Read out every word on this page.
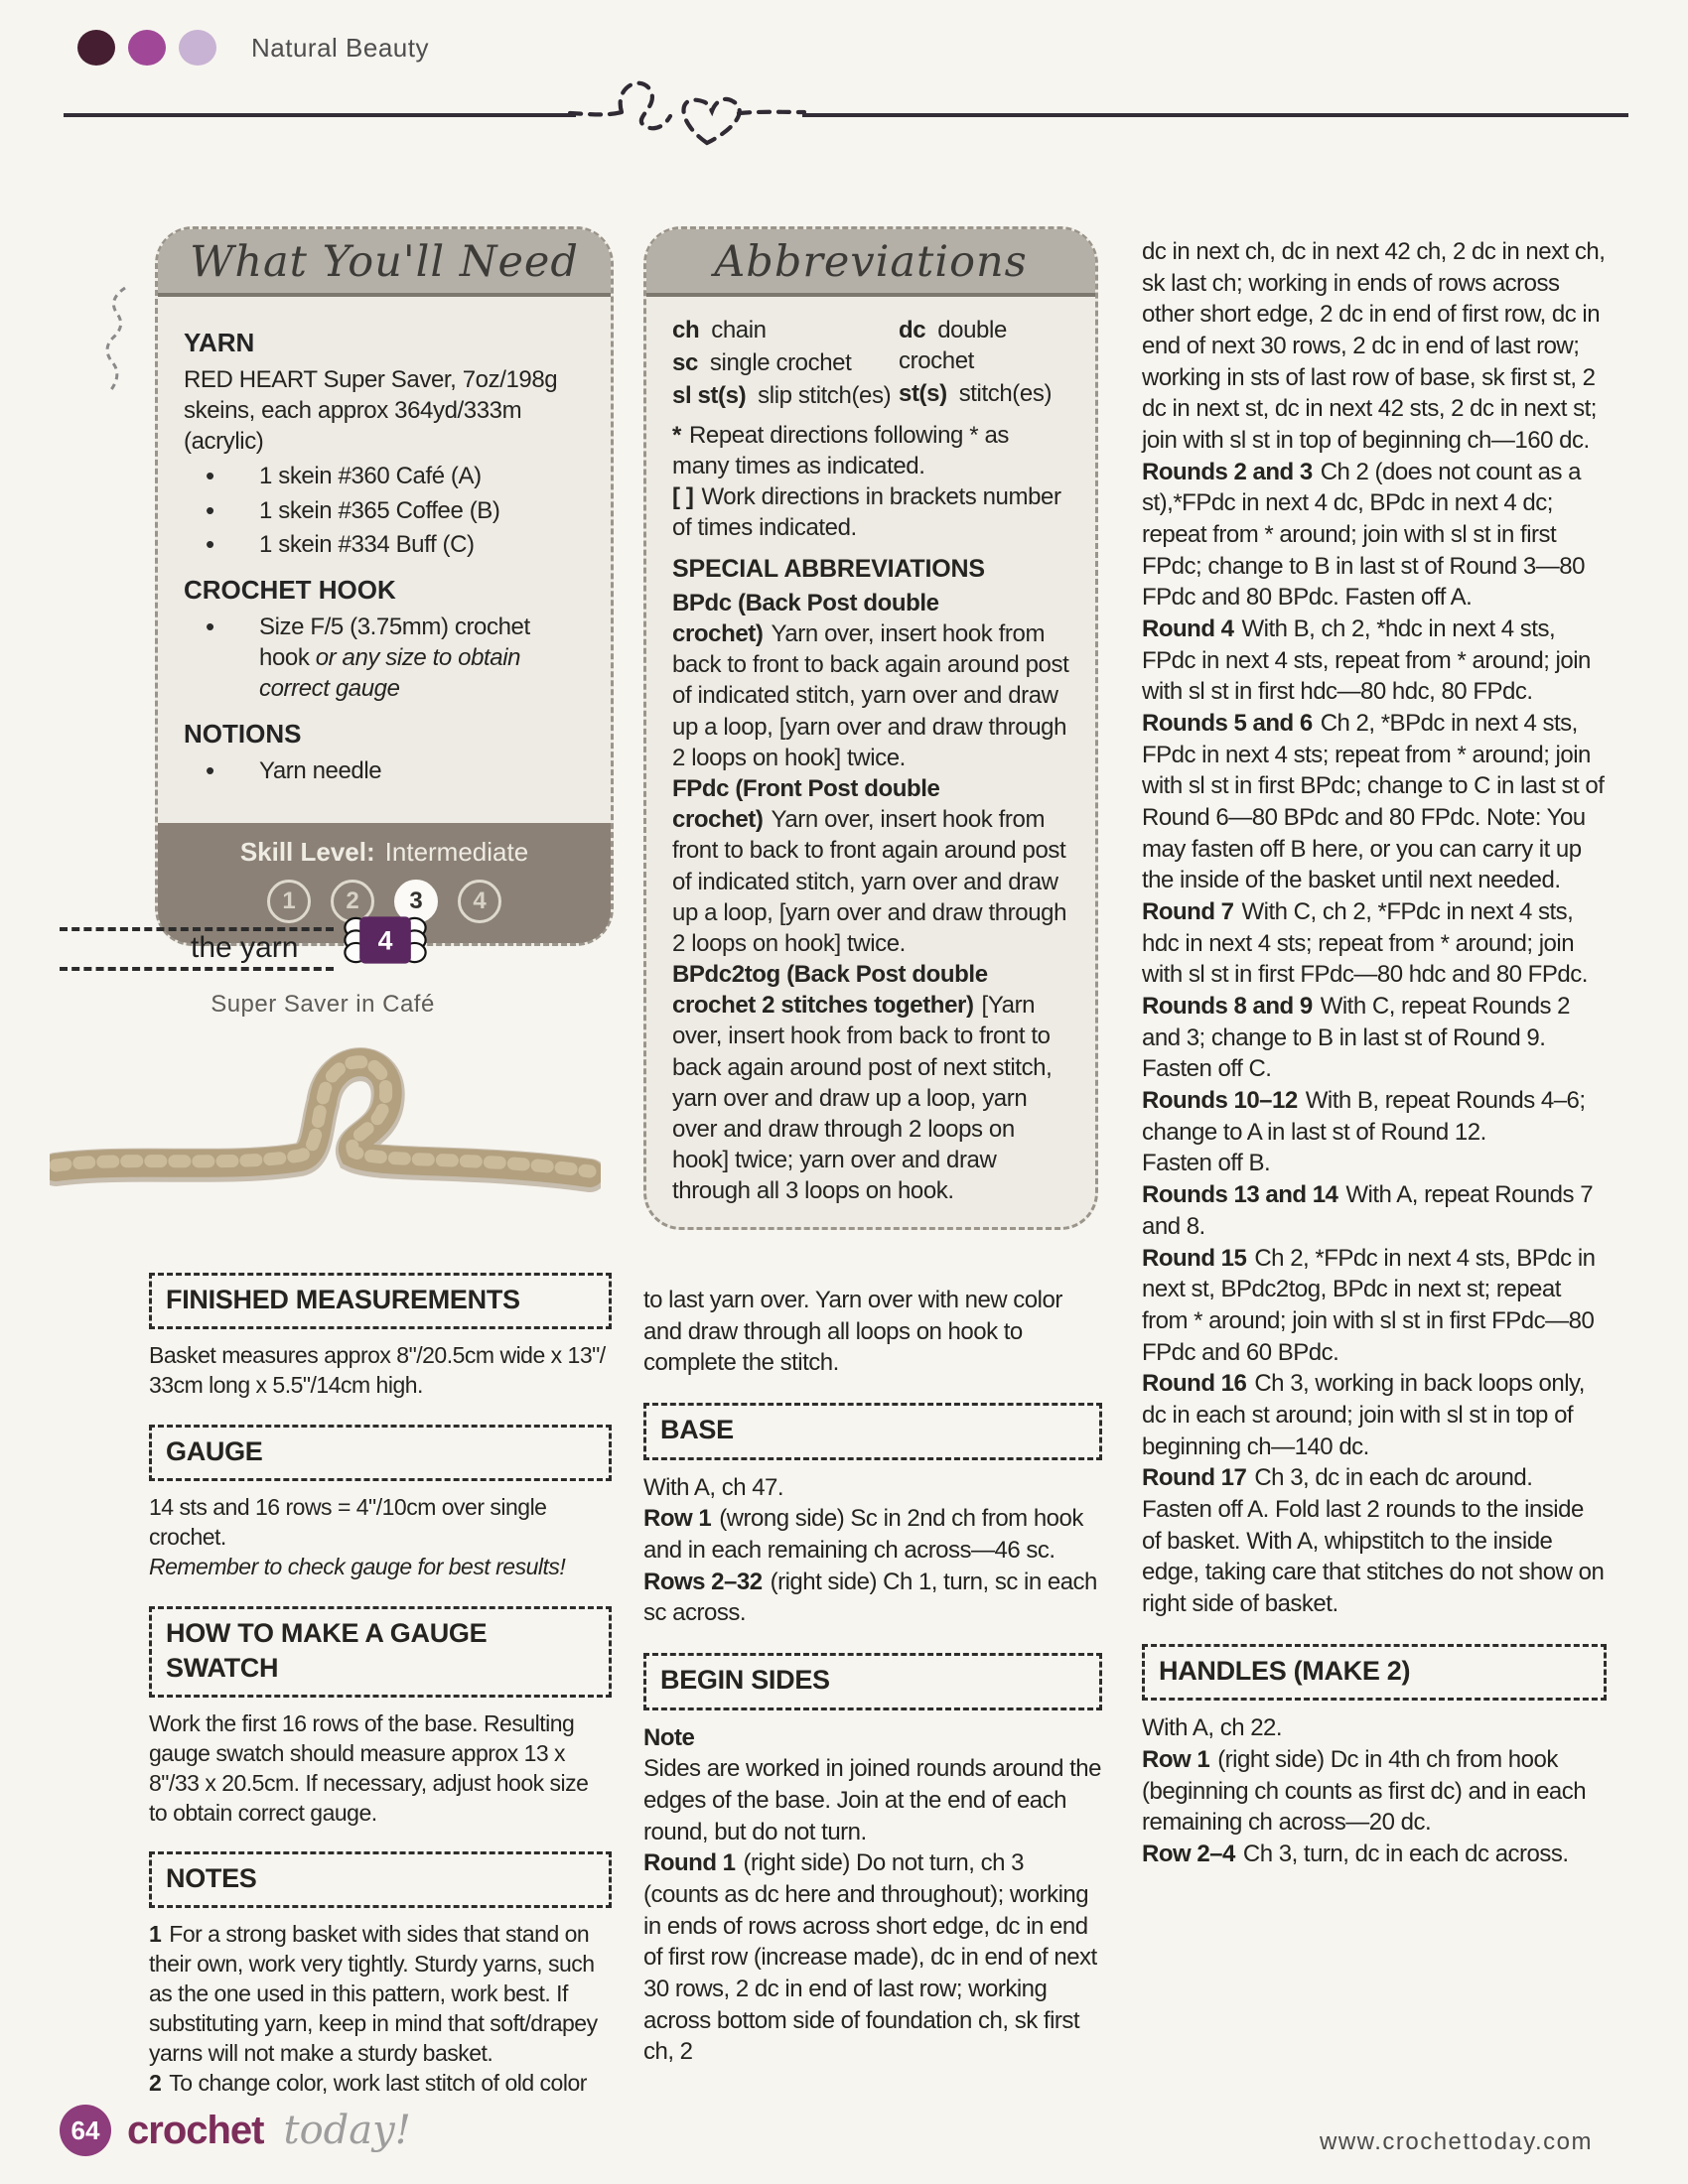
Natural Beauty
What You'll Need
YARN

RED HEART Super Saver, 7oz/198g skeins, each approx 364yd/333m (acrylic)

• 1 skein #360 Café (A)
• 1 skein #365 Coffee (B)
• 1 skein #334 Buff (C)
CROCHET HOOK
• Size F/5 (3.75mm) crochet hook or any size to obtain correct gauge
NOTIONS
• Yarn needle
Skill Level: Intermediate
1 2 3 4
the yarn 4
Super Saver in Café
Abbreviations
ch chain
sc single crochet
sl st(s) slip stitch(es)
dc double crochet
st(s) stitch(es)

* Repeat directions following * as many times as indicated.

[ ] Work directions in brackets number of times indicated.

SPECIAL ABBREVIATIONS

BPdc (Back Post double crochet) Yarn over, insert hook from back to front to back again around post of indicated stitch, yarn over and draw up a loop, [yarn over and draw through 2 loops on hook] twice.

FPdc (Front Post double crochet) Yarn over, insert hook from front to back to front again around post of indicated stitch, yarn over and draw up a loop, [yarn over and draw through 2 loops on hook] twice.

BPdc2tog (Back Post double crochet 2 stitches together) [Yarn over, insert hook from back to front to back again around post of next stitch, yarn over and draw up a loop, yarn over and draw through 2 loops on hook] twice; yarn over and draw through all 3 loops on hook.

FINISHED MEASUREMENTS

Basket measures approx 8"/20.5cm wide x 13"/ 33cm long x 5.5"/14cm high.

GAUGE

14 sts and 16 rows = 4"/10cm over single crochet.

Remember to check gauge for best results!

HOW TO MAKE A GAUGE SWATCH

Work the first 16 rows of the base. Resulting gauge swatch should measure approx 13 x 8"/33 x 20.5cm. If necessary, adjust hook size to obtain correct gauge.

NOTES

1 For a strong basket with sides that stand on their own, work very tightly. Sturdy yarns, such as the one used in this pattern, work best. If substituting yarn, keep in mind that soft/drapey yarns will not make a sturdy basket.

2 To change color, work last stitch of old color

to last yarn over. Yarn over with new color and draw through all loops on hook to complete the stitch.

BASE

With A, ch 47.

Row 1 (wrong side) Sc in 2nd ch from hook and in each remaining ch across—46 sc.

Rows 2–32 (right side) Ch 1, turn, sc in each sc across.

BEGIN SIDES

Note

Sides are worked in joined rounds around the edges of the base. Join at the end of each round, but do not turn.

Round 1 (right side) Do not turn, ch 3 (counts as dc here and throughout); working in ends of rows across short edge, dc in end of first row (increase made), dc in end of next 30 rows, 2 dc in end of last row; working across bottom side of foundation ch, sk first ch, 2

dc in next ch, dc in next 42 ch, 2 dc in next ch, sk last ch; working in ends of rows across other short edge, 2 dc in end of first row, dc in end of next 30 rows, 2 dc in end of last row; working in sts of last row of base, sk first st, 2 dc in next st, dc in next 42 sts, 2 dc in next st; join with sl st in top of beginning ch—160 dc.

Rounds 2 and 3 Ch 2 (does not count as a st),*FPdc in next 4 dc, BPdc in next 4 dc; repeat from * around; join with sl st in first FPdc; change to B in last st of Round 3—80 FPdc and 80 BPdc. Fasten off A.

Round 4 With B, ch 2, *hdc in next 4 sts, FPdc in next 4 sts, repeat from * around; join with sl st in first hdc—80 hdc, 80 FPdc.

Rounds 5 and 6 Ch 2, *BPdc in next 4 sts, FPdc in next 4 sts; repeat from * around; join with sl st in first BPdc; change to C in last st of Round 6—80 BPdc and 80 FPdc. Note: You may fasten off B here, or you can carry it up the inside of the basket until next needed.

Round 7 With C, ch 2, *FPdc in next 4 sts, hdc in next 4 sts; repeat from * around; join with sl st in first FPdc—80 hdc and 80 FPdc.

Rounds 8 and 9 With C, repeat Rounds 2 and 3; change to B in last st of Round 9.

Fasten off C.

Rounds 10–12 With B, repeat Rounds 4–6; change to A in last st of Round 12.

Fasten off B.

Rounds 13 and 14 With A, repeat Rounds 7 and 8.

Round 15 Ch 2, *FPdc in next 4 sts, BPdc in next st, BPdc2tog, BPdc in next st; repeat from * around; join with sl st in first FPdc—80 FPdc and 60 BPdc.

Round 16 Ch 3, working in back loops only, dc in each st around; join with sl st in top of beginning ch—140 dc.

Round 17 Ch 3, dc in each dc around. Fasten off A. Fold last 2 rounds to the inside of basket. With A, whipstitch to the inside edge, taking care that stitches do not show on right side of basket.

HANDLES (MAKE 2)

With A, ch 22.

Row 1 (right side) Dc in 4th ch from hook (beginning ch counts as first dc) and in each remaining ch across—20 dc.

Row 2–4 Ch 3, turn, dc in each dc across.

64 crochet today!	www.crochettoday.com
